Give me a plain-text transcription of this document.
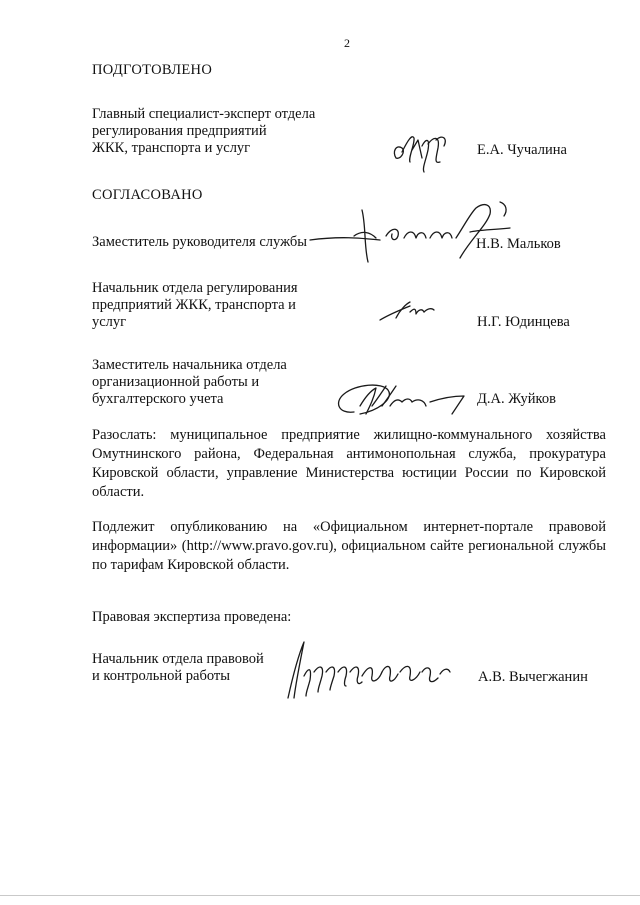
2
ПОДГОТОВЛЕНО
Главный специалист-эксперт отдела
регулирования предприятий
ЖКК, транспорта и услуг	Е.А. Чучалина
СОГЛАСОВАНО
Заместитель руководителя службы	Н.В. Мальков
Начальник отдела регулирования
предприятий ЖКК, транспорта и
услуг	Н.Г. Юдинцева
Заместитель начальника отдела
организационной работы и
бухгалтерского учета	Д.А. Жуйков
Разослать: муниципальное предприятие жилищно-коммунального хозяйства Омутнинского района, Федеральная антимонопольная служба, прокуратура Кировской области, управление Министерства юстиции России по Кировской области.
Подлежит опубликованию на «Официальном интернет-портале правовой информации» (http://www.pravo.gov.ru), официальном сайте региональной службы по тарифам Кировской области.
Правовая экспертиза проведена:
Начальник отдела правовой
и контрольной работы	А.В. Вычегжанин
